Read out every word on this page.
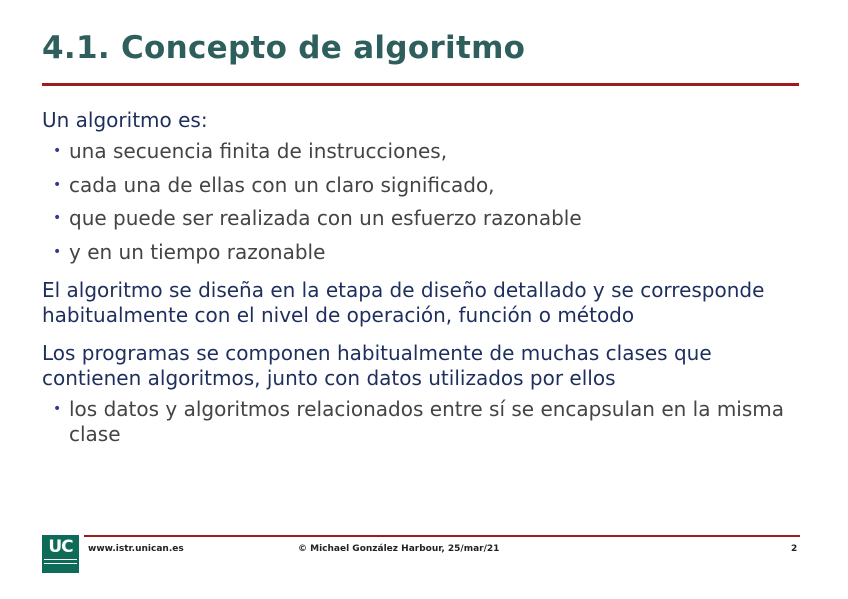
4.1. Concepto de algoritmo

Un algoritmo es:

• una secuencia finita de instrucciones,
• cada una de ellas con un claro significado,
• que puede ser realizada con un esfuerzo razonable
• y en un tiempo razonable

El algoritmo se diseña en la etapa de diseño detallado y se corresponde habitualmente con el nivel de operación, función o método

Los programas se componen habitualmente de muchas clases que contienen algoritmos, junto con datos utilizados por ellos

• los datos y algoritmos relacionados entre sí se encapsulan en la misma clase
UC	www.istr.unican.es	© Michael González Harbour, 25/mar/21	2
